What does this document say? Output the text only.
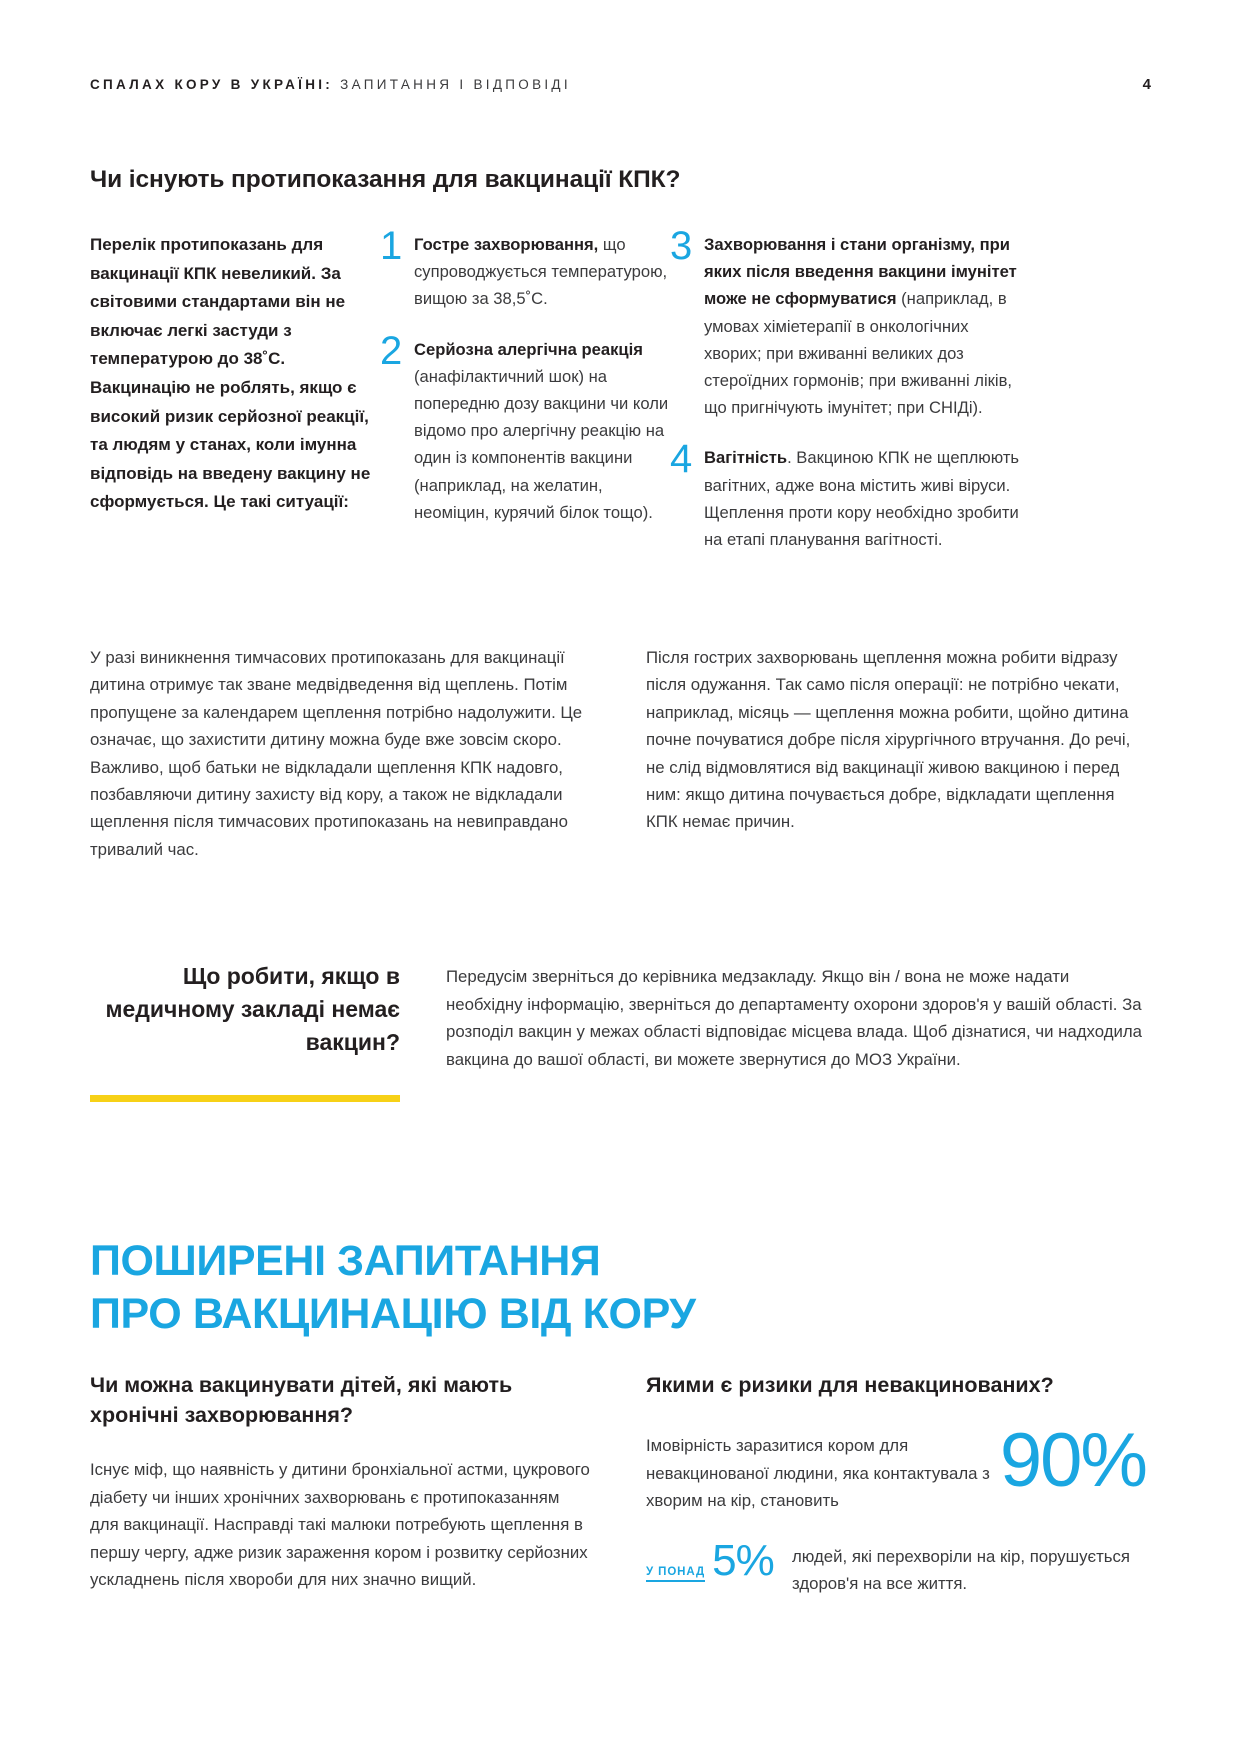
СПАЛАХ КОРУ В УКРАЇНІ: ЗАПИТАННЯ І ВІДПОВІДІ	4
Чи існують протипоказання для вакцинації КПК?
Перелік протипоказань для вакцинації КПК невеликий. За світовими стандартами він не включає легкі застуди з температурою до 38˚С. Вакцинацію не роблять, якщо є високий ризик серйозної реакції, та людям у станах, коли імунна відповідь на введену вакцину не сформується. Це такі ситуації:
1 Гостре захворювання, що супроводжується температурою, вищою за 38,5˚С.
2 Серйозна алергічна реакція (анафілактичний шок) на попередню дозу вакцини чи коли відомо про алергічну реакцію на один із компонентів вакцини (наприклад, на желатин, неоміцин, курячий білок тощо).
3 Захворювання і стани організму, при яких після введення вакцини імунітет може не сформуватися (наприклад, в умовах хіміетерапії в онкологічних хворих; при вживанні великих доз стероїдних гормонів; при вживанні ліків, що пригнічують імунітет; при СНІДі).
4 Вагітність. Вакциною КПК не щеплюють вагітних, адже вона містить живі віруси. Щеплення проти кору необхідно зробити на етапі планування вагітності.

У разі виникнення тимчасових протипоказань для вакцинації дитина отримує так зване медвідведення від щеплень. Потім пропущене за календарем щеплення потрібно надолужити. Це означає, що захистити дитину можна буде вже зовсім скоро. Важливо, щоб батьки не відкладали щеплення КПК надовго, позбавляючи дитину захисту від кору, а також не відкладали щеплення після тимчасових протипоказань на невиправдано тривалий час.

Після гострих захворювань щеплення можна робити відразу після одужання. Так само після операції: не потрібно чекати, наприклад, місяць — щеплення можна робити, щойно дитина почне почуватися добре після хірургічного втручання. До речі, не слід відмовлятися від вакцинації живою вакциною і перед ним: якщо дитина почувається добре, відкладати щеплення КПК немає причин.

Що робити, якщо в медичному закладі немає вакцин?
Передусім зверніться до керівника медзакладу. Якщо він / вона не може надати необхідну інформацію, зверніться до департаменту охорони здоров'я у вашій області. За розподіл вакцин у межах області відповідає місцева влада. Щоб дізнатися, чи надходила вакцина до вашої області, ви можете звернутися до МОЗ України.
ПОШИРЕНІ ЗАПИТАННЯ
ПРО ВАКЦИНАЦІЮ ВІД КОРУ
Чи можна вакцинувати дітей, які мають хронічні захворювання?

Існує міф, що наявність у дитини бронхіальної астми, цукрового діабету чи інших хронічних захворювань є протипоказанням для вакцинації. Насправді такі малюки потребують щеплення в першу чергу, адже ризик зараження кором і розвитку серйозних ускладнень після хвороби для них значно вищий.

Якими є ризики для невакцинованих?
Імовірність заразитися кором для невакцинованої людини, яка контактувала з хворим на кір, становить	90%
У ПОНАД 5% людей, які перехворіли на кір, порушується здоров'я на все життя.
